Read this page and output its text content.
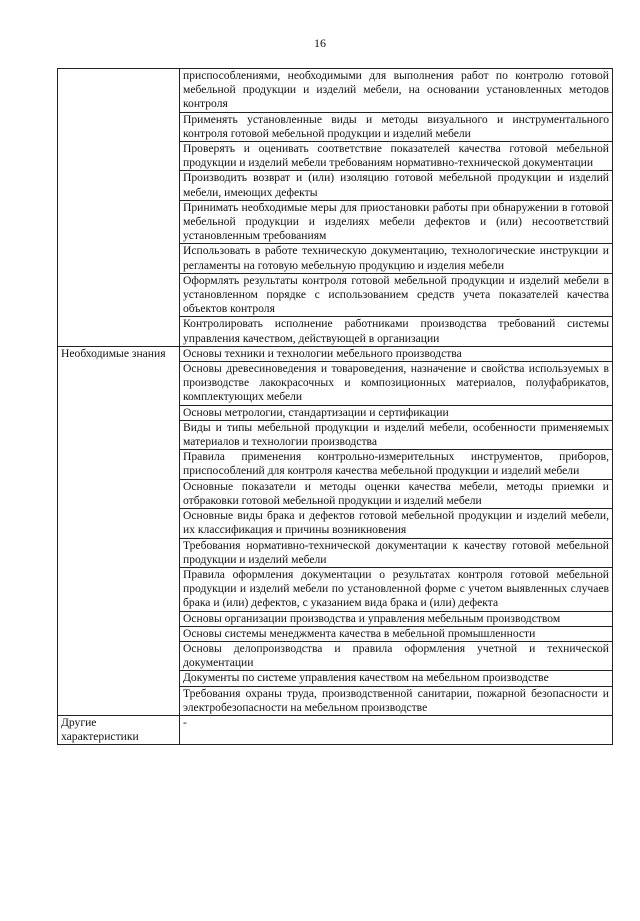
16
	приспособлениями, необходимыми для выполнения работ по контролю готовой мебельной продукции и изделий мебели, на основании установленных методов контроля
	Применять установленные виды и методы визуального и инструментального контроля готовой мебельной продукции и изделий мебели
	Проверять и оценивать соответствие показателей качества готовой мебельной продукции и изделий мебели требованиям нормативно-технической документации
	Производить возврат и (или) изоляцию готовой мебельной продукции и изделий мебели, имеющих дефекты
	Принимать необходимые меры для приостановки работы при обнаружении в готовой мебельной продукции и изделиях мебели дефектов и (или) несоответствий установленным требованиям
	Использовать в работе техническую документацию, технологические инструкции и регламенты на готовую мебельную продукцию и изделия мебели
	Оформлять результаты контроля готовой мебельной продукции и изделий мебели в установленном порядке с использованием средств учета показателей качества объектов контроля
	Контролировать исполнение работниками производства требований системы управления качеством, действующей в организации
Необходимые знания	Основы техники и технологии мебельного производства
	Основы древесиноведения и товароведения, назначение и свойства используемых в производстве лакокрасочных и композиционных материалов, полуфабрикатов, комплектующих мебели
	Основы метрологии, стандартизации и сертификации
	Виды и типы мебельной продукции и изделий мебели, особенности применяемых материалов и технологии производства
	Правила применения контрольно-измерительных инструментов, приборов, приспособлений для контроля качества мебельной продукции и изделий мебели
	Основные показатели и методы оценки качества мебели, методы приемки и отбраковки готовой мебельной продукции и изделий мебели
	Основные виды брака и дефектов готовой мебельной продукции и изделий мебели, их классификация и причины возникновения
	Требования нормативно-технической документации к качеству готовой мебельной продукции и изделий мебели
	Правила оформления документации о результатах контроля готовой мебельной продукции и изделий мебели по установленной форме с учетом выявленных случаев брака и (или) дефектов, с указанием вида брака и (или) дефекта
	Основы организации производства и управления мебельным производством
	Основы системы менеджмента качества в мебельной промышленности
	Основы делопроизводства и правила оформления учетной и технической документации
	Документы по системе управления качеством на мебельном производстве
	Требования охраны труда, производственной санитарии, пожарной безопасности и электробезопасности на мебельном производстве
Другие характеристики	-
